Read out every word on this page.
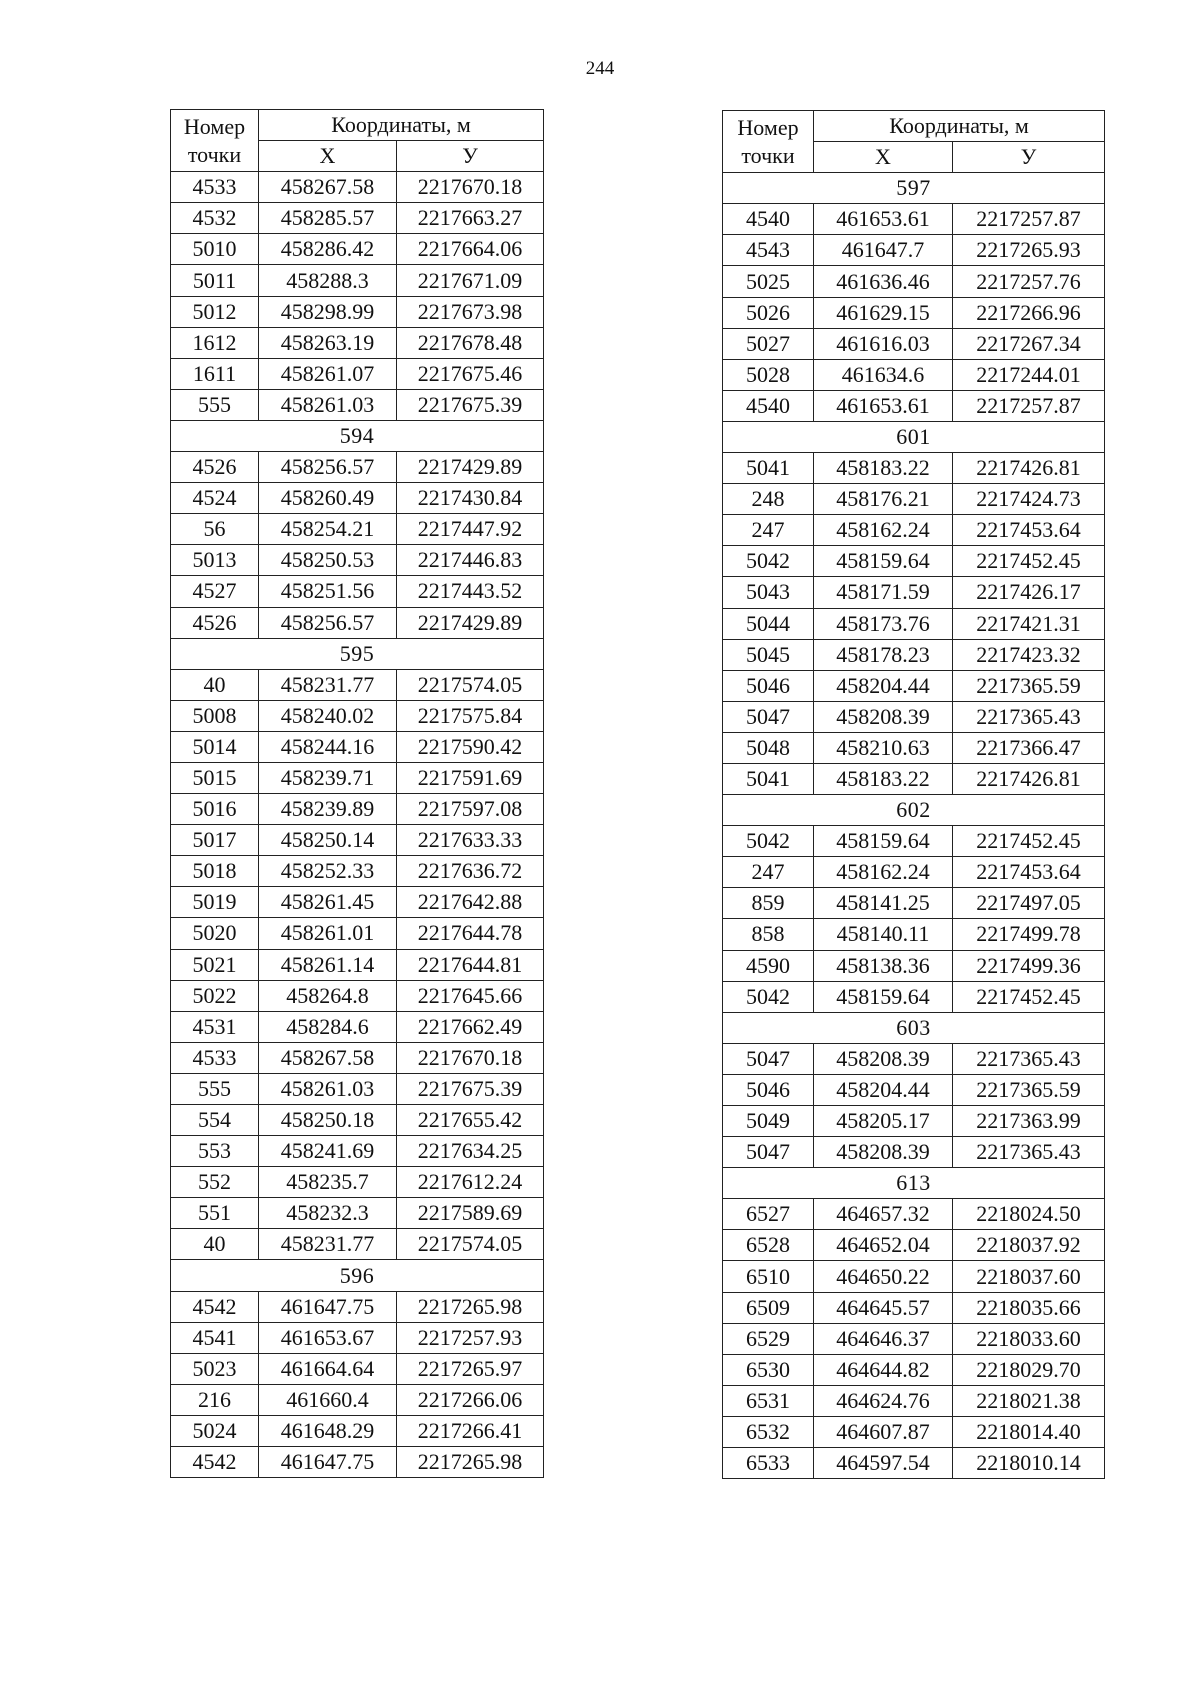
244
Номер
точки	Координаты, м	
	X	У
4533	458267.58	2217670.18
4532	458285.57	2217663.27
5010	458286.42	2217664.06
5011	458288.3	2217671.09
5012	458298.99	2217673.98
1612	458263.19	2217678.48
1611	458261.07	2217675.46
555	458261.03	2217675.39
594		
4526	458256.57	2217429.89
4524	458260.49	2217430.84
56	458254.21	2217447.92
5013	458250.53	2217446.83
4527	458251.56	2217443.52
4526	458256.57	2217429.89
595		
40	458231.77	2217574.05
5008	458240.02	2217575.84
5014	458244.16	2217590.42
5015	458239.71	2217591.69
5016	458239.89	2217597.08
5017	458250.14	2217633.33
5018	458252.33	2217636.72
5019	458261.45	2217642.88
5020	458261.01	2217644.78
5021	458261.14	2217644.81
5022	458264.8	2217645.66
4531	458284.6	2217662.49
4533	458267.58	2217670.18
555	458261.03	2217675.39
554	458250.18	2217655.42
553	458241.69	2217634.25
552	458235.7	2217612.24
551	458232.3	2217589.69
40	458231.77	2217574.05
596		
4542	461647.75	2217265.98
4541	461653.67	2217257.93
5023	461664.64	2217265.97
216	461660.4	2217266.06
5024	461648.29	2217266.41
4542	461647.75	2217265.98
Номер
точки	Координаты, м	
	X	У
597		
4540	461653.61	2217257.87
4543	461647.7	2217265.93
5025	461636.46	2217257.76
5026	461629.15	2217266.96
5027	461616.03	2217267.34
5028	461634.6	2217244.01
4540	461653.61	2217257.87
601		
5041	458183.22	2217426.81
248	458176.21	2217424.73
247	458162.24	2217453.64
5042	458159.64	2217452.45
5043	458171.59	2217426.17
5044	458173.76	2217421.31
5045	458178.23	2217423.32
5046	458204.44	2217365.59
5047	458208.39	2217365.43
5048	458210.63	2217366.47
5041	458183.22	2217426.81
602		
5042	458159.64	2217452.45
247	458162.24	2217453.64
859	458141.25	2217497.05
858	458140.11	2217499.78
4590	458138.36	2217499.36
5042	458159.64	2217452.45
603		
5047	458208.39	2217365.43
5046	458204.44	2217365.59
5049	458205.17	2217363.99
5047	458208.39	2217365.43
613		
6527	464657.32	2218024.50
6528	464652.04	2218037.92
6510	464650.22	2218037.60
6509	464645.57	2218035.66
6529	464646.37	2218033.60
6530	464644.82	2218029.70
6531	464624.76	2218021.38
6532	464607.87	2218014.40
6533	464597.54	2218010.14
